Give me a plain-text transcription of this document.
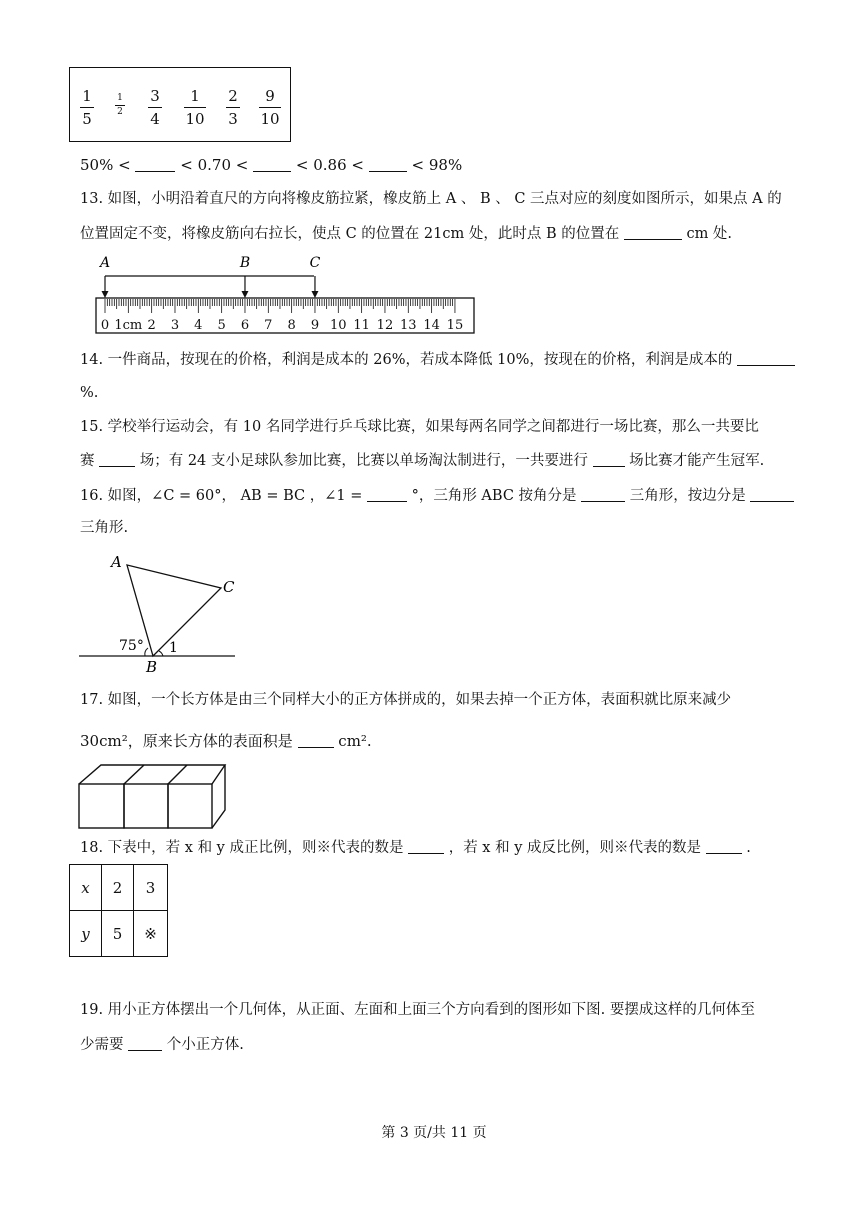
1
5
1
2
3
4
1
10
2
3
9
10
50% <	< 0.70 <	< 0.86 <	< 98%
13. 如图，小明沿着直尺的方向将橡皮筋拉紧，橡皮筋上 A 、 B 、 C 三点对应的刻度如图所示，如果点 A 的
位置固定不变，将橡皮筋向右拉长，使点 C 的位置在 21cm 处，此时点 B 的位置在	cm 处.
0 1cm 2 3 4 5 6 7 8 9 10 11 12 13 14 15
A	B	C
14. 一件商品，按现在的价格，利润是成本的 26%，若成本降低 10%，按现在的价格，利润是成本的
%.
15. 学校举行运动会，有 10 名同学进行乒乓球比赛，如果每两名同学之间都进行一场比赛，那么一共要比
赛	场；有 24 支小足球队参加比赛，比赛以单场淘汰制进行，一共要进行	场比赛才能产生冠军.
16. 如图，∠C = 60°， AB = BC ，∠1 =	°，三角形 ABC 按角分是	三角形，按边分是
三角形.
A
C
B
75° 1
17. 如图，一个长方体是由三个同样大小的正方体拼成的，如果去掉一个正方体，表面积就比原来减少
30cm²，原来长方体的表面积是	cm².
18. 下表中，若 x 和 y 成正比例，则※代表的数是	，若 x 和 y 成反比例，则※代表的数是	.
x	2	3
y	5	※
19. 用小正方体摆出一个几何体，从正面、左面和上面三个方向看到的图形如下图. 要摆成这样的几何体至
少需要	个小正方体.
第 3 页/共 11 页
